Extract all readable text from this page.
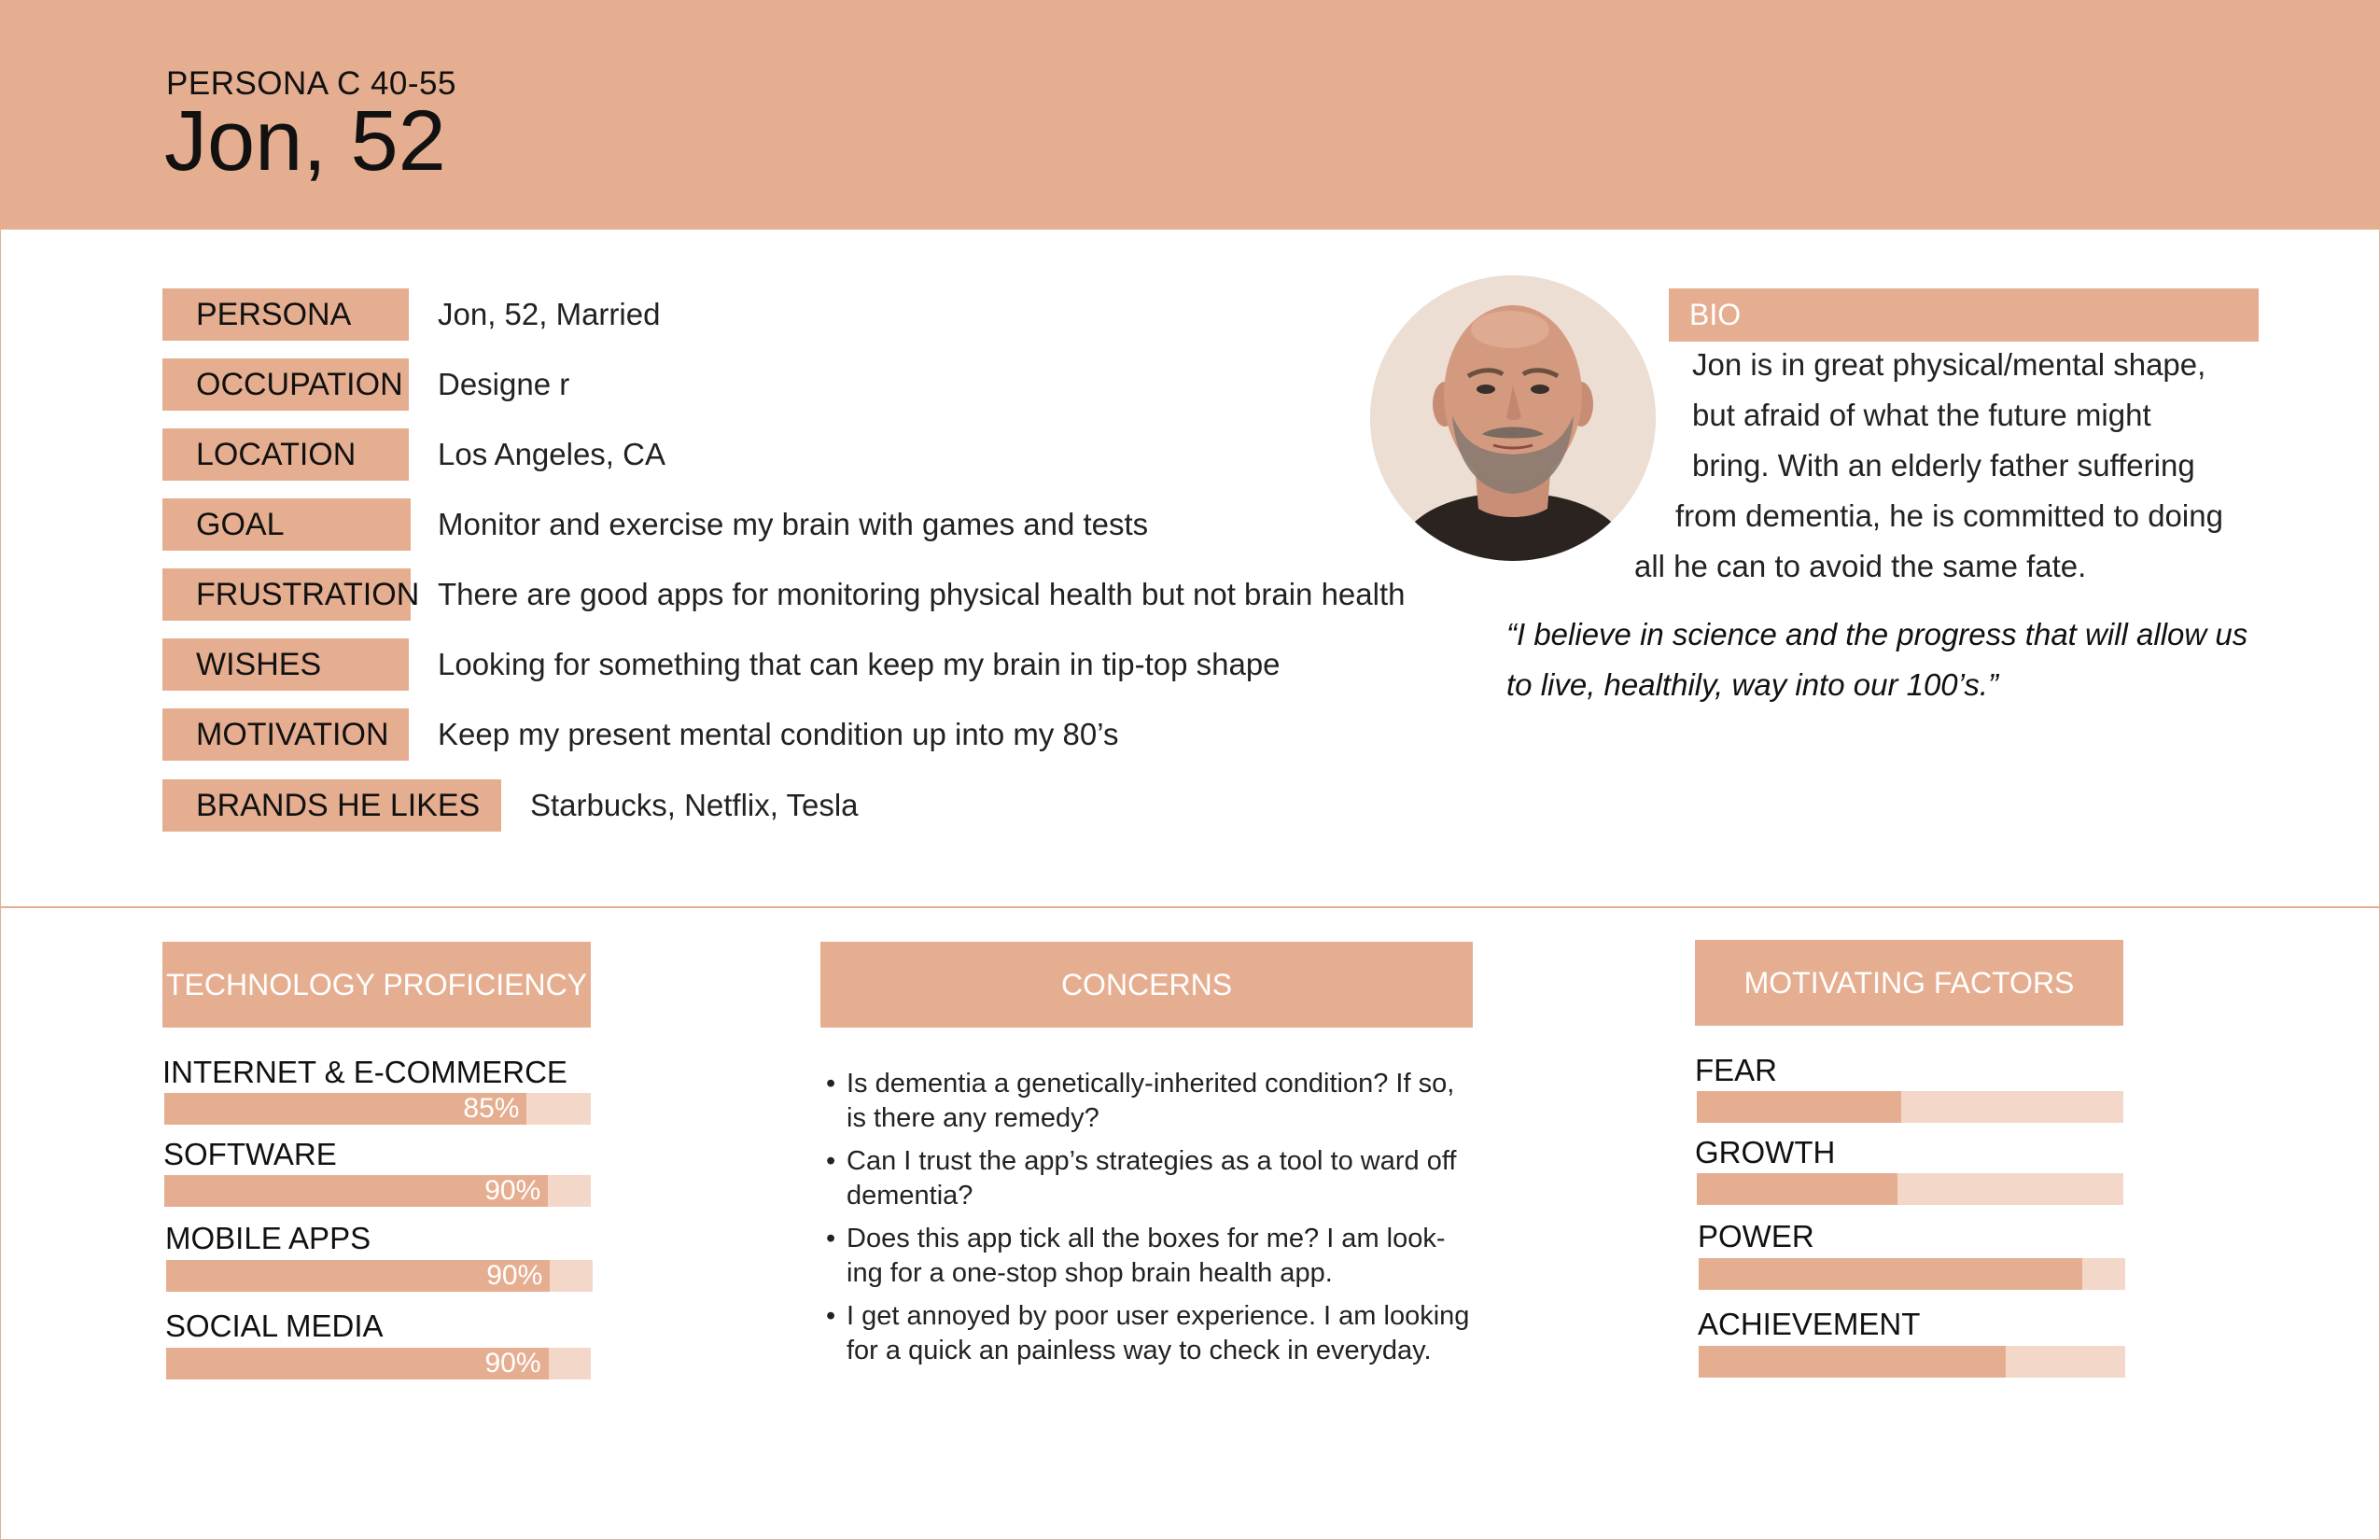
PERSONA C 40-55
Jon, 52
PERSONA	Jon, 52, Married
OCCUPATION Designe r
LOCATION	Los Angeles, CA
GOAL	Monitor and exercise my brain with games and tests
FRUSTRATION There are good apps for monitoring physical health but not brain health
WISHES	Looking for something that can keep my brain in tip-top shape
MOTIVATION	Keep my present mental condition up into my 80’s
BRANDS HE LIKES	Starbucks, Netflix, Tesla
BIO
Jon is in great physical/mental shape,
but afraid of what the future might
bring. With an elderly father suffering
from dementia, he is committed to doing
all he can to avoid the same fate.
“I believe in science and the progress that will allow us
to live, healthily, way into our 100’s.”
TECHNOLOGY PROFICIENCY
INTERNET & E-COMMERCE
85%
SOFTWARE
90%
MOBILE APPS
90%
SOCIAL MEDIA
90%
CONCERNS
• Is dementia a genetically-inherited condition? If so,
is there any remedy?
• Can I trust the app’s strategies as a tool to ward off
dementia?
• Does this app tick all the boxes for me? I am look-
ing for a one-stop shop brain health app.
• I get annoyed by poor user experience. I am looking
for a quick an painless way to check in everyday.
MOTIVATING FACTORS
FEAR
GROWTH
POWER
ACHIEVEMENT
